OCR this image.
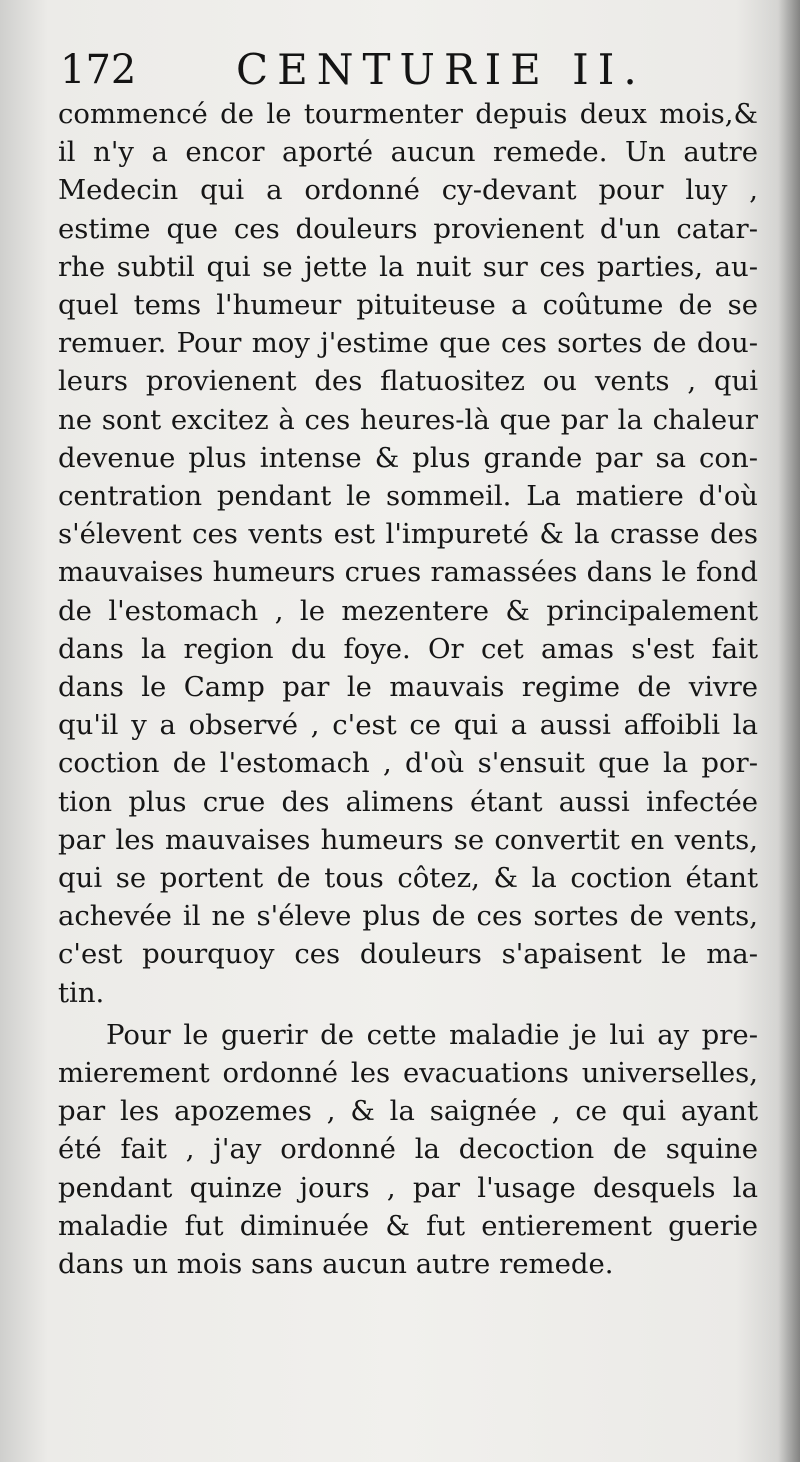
172 CENTURIE II.
commencé de le tourmenter depuis deux mois,&
il n'y a encor aporté aucun remede. Un autre
Medecin qui a ordonné cy-devant pour luy ,
estime que ces douleurs provienent d'un catar-
rhe subtil qui se jette la nuit sur ces parties, au-
quel tems l'humeur pituiteuse a coûtume de se
remuer. Pour moy j'estime que ces sortes de dou-
leurs provienent des flatuositez ou vents , qui
ne sont excitez à ces heures-là que par la chaleur
devenue plus intense & plus grande par sa con-
centration pendant le sommeil. La matiere d'où
s'élevent ces vents est l'impureté & la crasse des
mauvaises humeurs crues ramassées dans le fond
de l'estomach , le mezentere & principalement
dans la region du foye. Or cet amas s'est fait
dans le Camp par le mauvais regime de vivre
qu'il y a observé , c'est ce qui a aussi affoibli la
coction de l'estomach , d'où s'ensuit que la por-
tion plus crue des alimens étant aussi infectée
par les mauvaises humeurs se convertit en vents,
qui se portent de tous côtez, & la coction étant
achevée il ne s'éleve plus de ces sortes de vents,
c'est pourquoy ces douleurs s'apaisent le ma-
tin.
Pour le guerir de cette maladie je lui ay pre-
mierement ordonné les evacuations universelles,
par les apozemes , & la saignée , ce qui ayant
été fait , j'ay ordonné la decoction de squine
pendant quinze jours , par l'usage desquels la
maladie fut diminuée & fut entierement guerie
dans un mois sans aucun autre remede.
